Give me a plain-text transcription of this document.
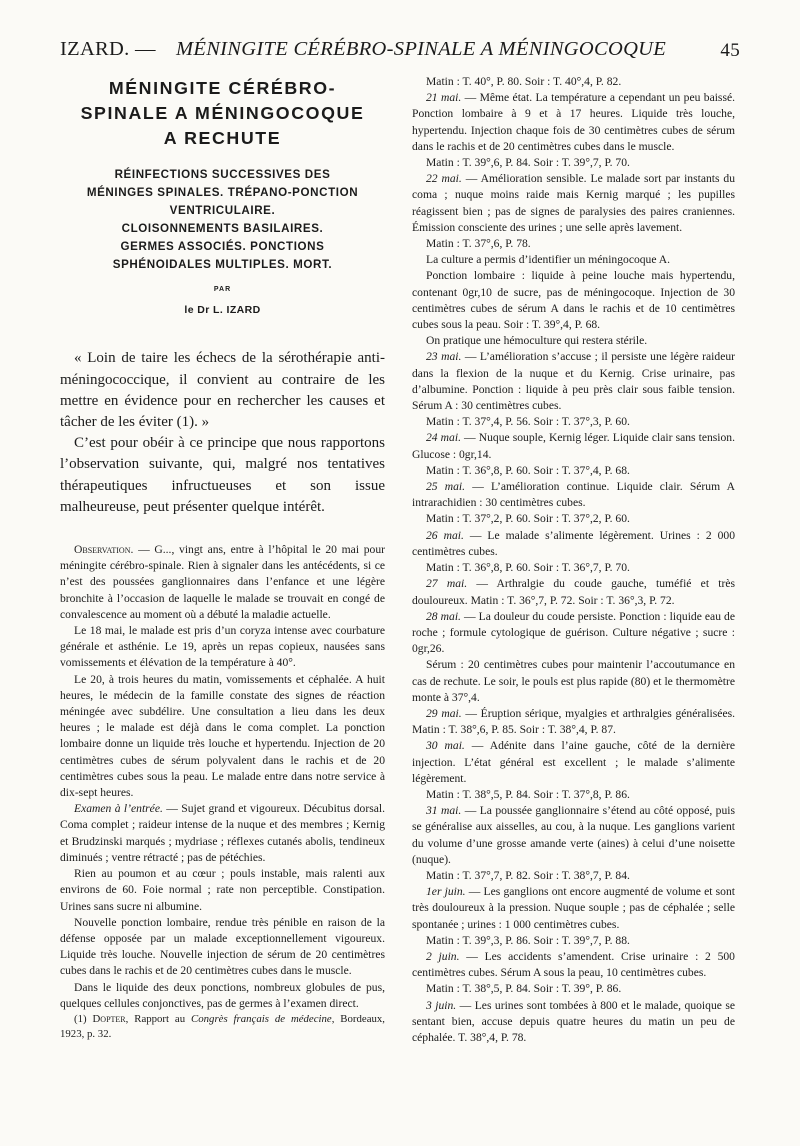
IZARD. — MÉNINGITE CÉRÉBRO-SPINALE A MÉNINGOCOQUE	45
MÉNINGITE CÉRÉBRO-
SPINALE A MÉNINGOCOQUE
A RECHUTE
RÉINFECTIONS SUCCESSIVES DES
MÉNINGES SPINALES. TRÉPANO-PONCTION
VENTRICULAIRE.
CLOISONNEMENTS BASILAIRES.
GERMES ASSOCIÉS. PONCTIONS
SPHÉNOIDALES MULTIPLES. MORT.
PAR
le Dr L. IZARD

« Loin de taire les échecs de la sérothérapie anti-méningococcique, il convient au contraire de les mettre en évidence pour en rechercher les causes et tâcher de les éviter (1). »

C’est pour obéir à ce principe que nous rapportons l’observation suivante, qui, malgré nos tentatives thérapeutiques infructueuses et son issue malheureuse, peut présenter quelque intérêt.

Observation. — G..., vingt ans, entre à l’hôpital le 20 mai pour méningite cérébro-spinale. Rien à signaler dans les antécédents, si ce n’est des poussées ganglionnaires dans l’enfance et une légère bronchite à l’occasion de laquelle le malade se trouvait en congé de convalescence au moment où a débuté la maladie actuelle.

Le 18 mai, le malade est pris d’un coryza intense avec courbature générale et asthénie. Le 19, après un repas copieux, nausées sans vomissements et élévation de la température à 40°.

Le 20, à trois heures du matin, vomissements et céphalée. A huit heures, le médecin de la famille constate des signes de réaction méningée avec subdélire. Une consultation a lieu dans les deux heures ; le malade est déjà dans le coma complet. La ponction lombaire donne un liquide très louche et hypertendu. Injection de 20 centimètres cubes de sérum polyvalent dans le rachis et de 20 centimètres cubes sous la peau. Le malade entre dans notre service à dix-sept heures.

Examen à l’entrée. — Sujet grand et vigoureux. Décubitus dorsal. Coma complet ; raideur intense de la nuque et des membres ; Kernig et Brudzinski marqués ; mydriase ; réflexes cutanés abolis, tendineux diminués ; ventre rétracté ; pas de pétéchies.

Rien au poumon et au cœur ; pouls instable, mais ralenti aux environs de 60. Foie normal ; rate non perceptible. Constipation. Urines sans sucre ni albumine.

Nouvelle ponction lombaire, rendue très pénible en raison de la défense opposée par un malade exceptionnellement vigoureux. Liquide très louche. Nouvelle injection de sérum de 20 centimètres cubes dans le rachis et de 20 centimètres cubes dans le muscle.

Dans le liquide des deux ponctions, nombreux globules de pus, quelques cellules conjonctives, pas de germes à l’examen direct.

(1) Dopter, Rapport au Congrès français de médecine, Bordeaux, 1923, p. 32.

Matin : T. 40°, P. 80. Soir : T. 40°,4, P. 82.

21 mai. — Même état. La température a cependant un peu baissé. Ponction lombaire à 9 et à 17 heures. Liquide très louche, hypertendu. Injection chaque fois de 30 centimètres cubes de sérum dans le rachis et de 20 centimètres cubes dans le muscle.

Matin : T. 39°,6, P. 84. Soir : T. 39°,7, P. 70.

22 mai. — Amélioration sensible. Le malade sort par instants du coma ; nuque moins raide mais Kernig marqué ; les pupilles réagissent bien ; pas de signes de paralysies des paires craniennes. Émission consciente des urines ; une selle après lavement.

Matin : T. 37°,6, P. 78.

La culture a permis d’identifier un méningocoque A.

Ponction lombaire : liquide à peine louche mais hypertendu, contenant 0gr,10 de sucre, pas de méningocoque. Injection de 30 centimètres cubes de sérum A dans le rachis et de 10 centimètres cubes sous la peau. Soir : T. 39°,4, P. 68.

On pratique une hémoculture qui restera stérile.

23 mai. — L’amélioration s’accuse ; il persiste une légère raideur dans la flexion de la nuque et du Kernig. Crise urinaire, pas d’albumine. Ponction : liquide à peu près clair sous faible tension. Sérum A : 30 centimètres cubes.

Matin : T. 37°,4, P. 56. Soir : T. 37°,3, P. 60.

24 mai. — Nuque souple, Kernig léger. Liquide clair sans tension. Glucose : 0gr,14.

Matin : T. 36°,8, P. 60. Soir : T. 37°,4, P. 68.

25 mai. — L’amélioration continue. Liquide clair. Sérum A intrarachidien : 30 centimètres cubes.

Matin : T. 37°,2, P. 60. Soir : T. 37°,2, P. 60.

26 mai. — Le malade s’alimente légèrement. Urines : 2 000 centimètres cubes.

Matin : T. 36°,8, P. 60. Soir : T. 36°,7, P. 70.

27 mai. — Arthralgie du coude gauche, tuméfié et très douloureux. Matin : T. 36°,7, P. 72. Soir : T. 36°,3, P. 72.

28 mai. — La douleur du coude persiste. Ponction : liquide eau de roche ; formule cytologique de guérison. Culture négative ; sucre : 0gr,26.

Sérum : 20 centimètres cubes pour maintenir l’accoutumance en cas de rechute. Le soir, le pouls est plus rapide (80) et le thermomètre monte à 37°,4.

29 mai. — Éruption sérique, myalgies et arthralgies généralisées. Matin : T. 38°,6, P. 85. Soir : T. 38°,4, P. 87.

30 mai. — Adénite dans l’aine gauche, côté de la dernière injection. L’état général est excellent ; le malade s’alimente légèrement.

Matin : T. 38°,5, P. 84. Soir : T. 37°,8, P. 86.

31 mai. — La poussée ganglionnaire s’étend au côté opposé, puis se généralise aux aisselles, au cou, à la nuque. Les ganglions varient du volume d’une grosse amande verte (aines) à celui d’une noisette (nuque).

Matin : T. 37°,7, P. 82. Soir : T. 38°,7, P. 84.

1er juin. — Les ganglions ont encore augmenté de volume et sont très douloureux à la pression. Nuque souple ; pas de céphalée ; selle spontanée ; urines : 1 000 centimètres cubes.

Matin : T. 39°,3, P. 86. Soir : T. 39°,7, P. 88.

2 juin. — Les accidents s’amendent. Crise urinaire : 2 500 centimètres cubes. Sérum A sous la peau, 10 centimètres cubes.

Matin : T. 38°,5, P. 84. Soir : T. 39°, P. 86.

3 juin. — Les urines sont tombées à 800 et le malade, quoique se sentant bien, accuse depuis quatre heures du matin un peu de céphalée. T. 38°,4, P. 78.
